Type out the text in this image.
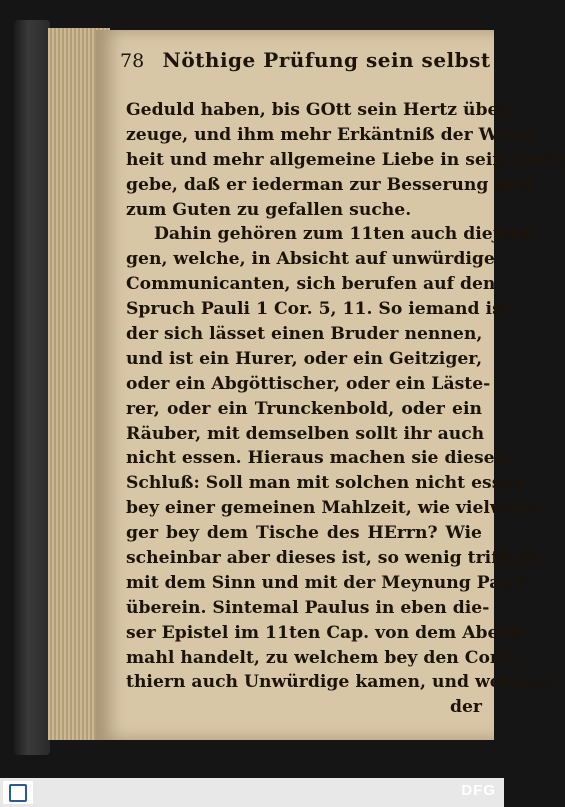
78 Nöthige Prüfung sein selbst
Geduld haben, bis GOtt sein Hertz über-
zeuge, und ihm mehr Erkäntniß der Wahr-
heit und mehr allgemeine Liebe in sein Hertz
gebe, daß er iederman zur Besserung und
zum Guten zu gefallen suche.
Dahin gehören zum 11ten auch diejeni-
gen, welche, in Absicht auf unwürdige
Communicanten, sich berufen auf den
Spruch Pauli 1 Cor. 5, 11. So iemand ist,
der sich lässet einen Bruder nennen,
und ist ein Hurer, oder ein Geitziger,
oder ein Abgöttischer, oder ein Läste-
rer, oder ein Trunckenbold, oder ein
Räuber, mit demselben sollt ihr auch
nicht essen. Hieraus machen sie diesen
Schluß: Soll man mit solchen nicht essen
bey einer gemeinen Mahlzeit, wie vielweni-
ger bey dem Tische des HErrn? Wie
scheinbar aber dieses ist, so wenig trifft es
mit dem Sinn und mit der Meynung Pauli
überein. Sintemal Paulus in eben die-
ser Epistel im 11ten Cap. von dem Abend-
mahl handelt, zu welchem bey den Corin-
thiern auch Unwürdige kamen, und welches
der
DFG
